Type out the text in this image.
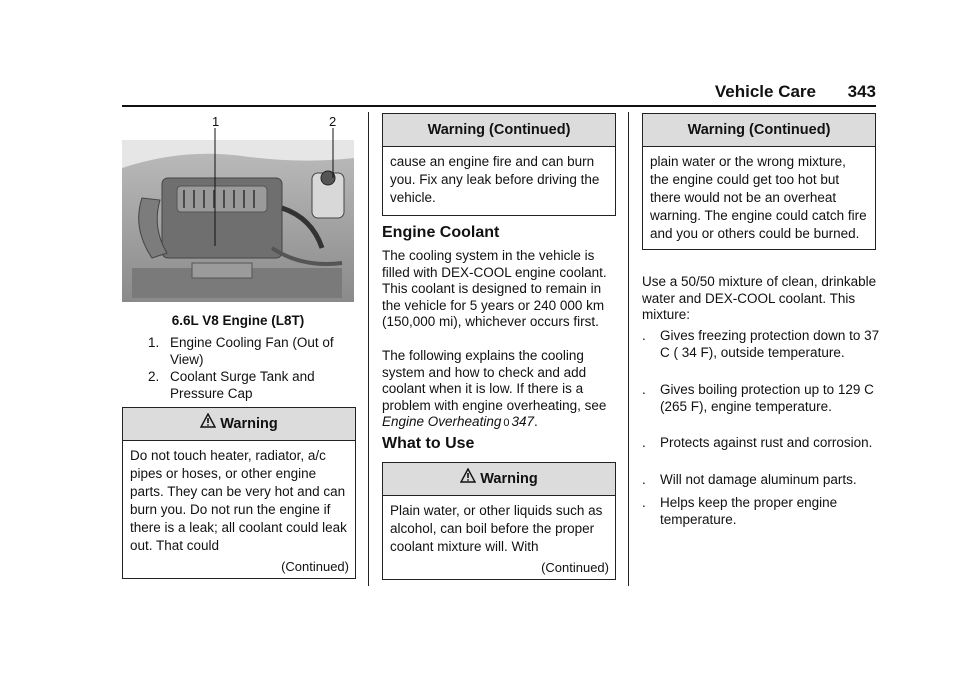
Vehicle Care 343
1	2
6.6L V8 Engine (L8T)
1. Engine Cooling Fan (Out of View)
2. Coolant Surge Tank and Pressure Cap
Warning
Do not touch heater, radiator, a/c pipes or hoses, or other engine parts. They can be very hot and can burn you. Do not run the engine if there is a leak; all coolant could leak out. That could
(Continued)
Warning (Continued)
cause an engine fire and can burn you. Fix any leak before driving the vehicle.
Engine Coolant

The cooling system in the vehicle is filled with DEX-COOL engine coolant. This coolant is designed to remain in the vehicle for 5 years or 240 000 km (150,000 mi), whichever occurs first.

The following explains the cooling system and how to check and add coolant when it is low. If there is a problem with engine overheating, see Engine Overheating 0 347.

What to Use
Warning
Plain water, or other liquids such as alcohol, can boil before the proper coolant mixture will. With
(Continued)
Warning (Continued)
plain water or the wrong mixture, the engine could get too hot but there would not be an overheat warning. The engine could catch fire and you or others could be burned.

Use a 50/50 mixture of clean, drinkable water and DEX-COOL coolant. This mixture:

. Gives freezing protection down to 37 C ( 34 F), outside temperature.
. Gives boiling protection up to 129 C (265 F), engine temperature.
. Protects against rust and corrosion.
. Will not damage aluminum parts.
. Helps keep the proper engine temperature.
